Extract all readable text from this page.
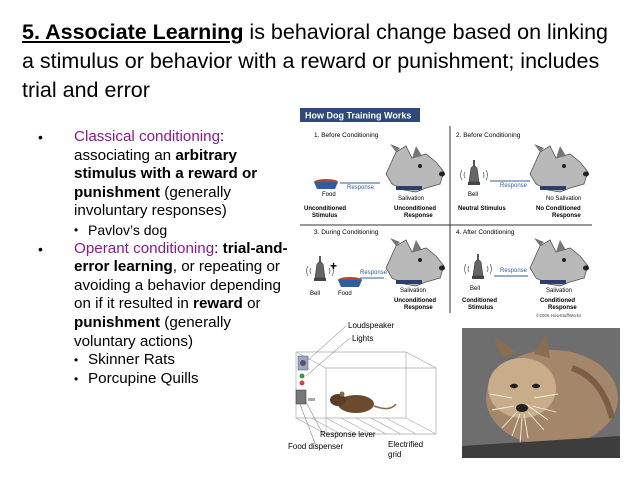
5. Associate Learning is behavioral change based on linking a stimulus or behavior with a reward or punishment; includes trial and error
• Classical conditioning: associating an arbitrary stimulus with a reward or punishment (generally involuntary responses)
• Pavlov’s dog
• Operant conditioning: trial-and-error learning, or repeating or avoiding a behavior depending on if it resulted in reward or punishment (generally voluntary actions)
• Skinner Rats
• Porcupine Quills
How Dog Training Works
1. Before Conditioning	2. Before Conditioning
3. During Conditioning	4. After Conditioning
Food
Response
Salivation
Unconditioned
Stimulus
Unconditioned
Response
Bell
Response
No Salivation
Neutral Stimulus	No Conditioned
Response
+
Bell	Food
Response
Salivation
Unconditioned
Response
Bell
Response
Salivation
Conditioned
Stimulus
Conditioned
Response
©2006 HowStuffWorks
Loudspeaker
Lights
Response lever
Food dispenser	Electrified
grid
